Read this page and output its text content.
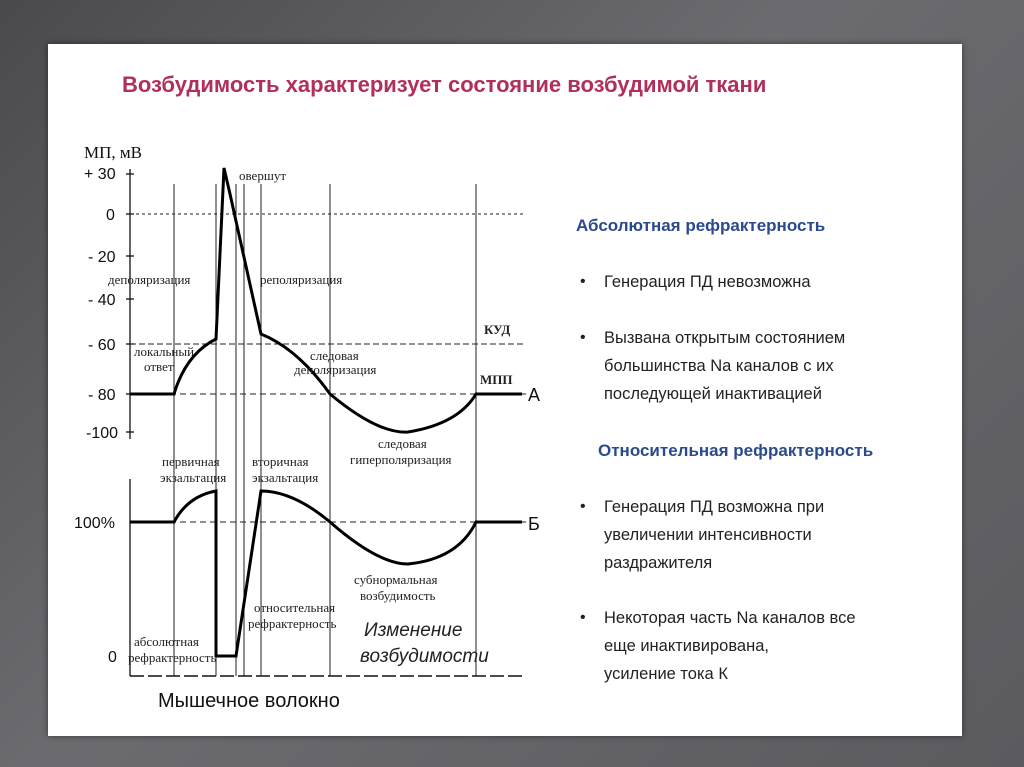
Возбудимость характеризует состояние возбудимой ткани
МП, мВ
+ 30
0
- 20
- 40
- 60
- 80
-100
100%
0
овершут
деполяризация	реполяризация
КУД
локальный
ответ
следовая
деполяризация
МПП
следовая
гиперполяризация
первичная
экзальтация
вторичная
экзальтация
субнормальная
возбудимость
абсолютная
рефрактерность
относительная
рефрактерность
А
Б
Изменение
возбудимости
Мышечное волокно
Абсолютная рефрактерность
• Генерация ПД невозможна
• Вызвана открытым состоянием
большинства Na каналов с их
последующей инактивацией
Относительная рефрактерность
• Генерация ПД возможна при
увеличении интенсивности
раздражителя
• Некоторая часть Na каналов все
еще инактивирована,
усиление тока К
